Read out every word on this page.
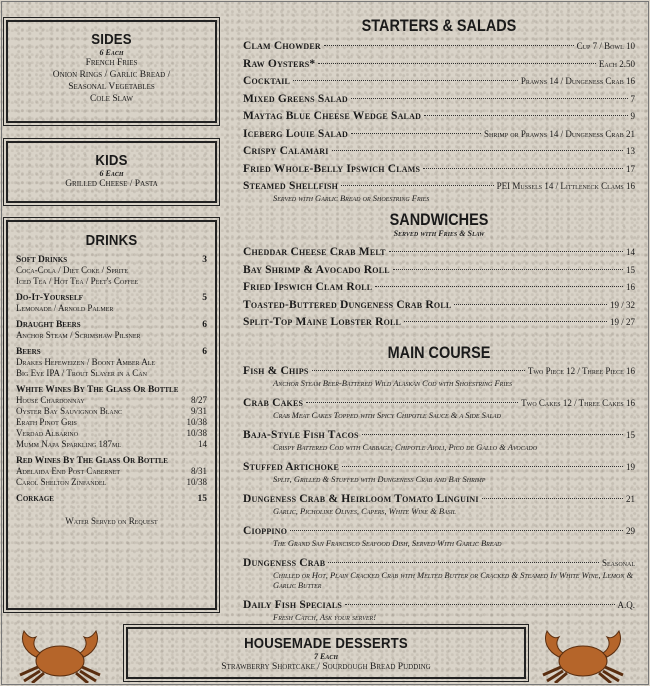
SIDES
6 Each
French Fries
Onion Rings / Garlic Bread /
Seasonal Vegetables
Cole Slaw
KIDS
6 Each
Grilled Cheese / Pasta
DRINKS
Soft Drinks	3
Coca-Cola / Diet Coke / Sprite
Iced Tea / Hot Tea / Peet's Coffee
Do-It-Yourself	5
Lemonade / Arnold Palmer
Draught Beers	6
Anchor Steam / Scrimshaw Pilsner
Beers	6
Drakes Hefeweizen / Boont Amber Ale
Big Eye IPA / Trout Slayer in a Can
White Wines By The Glass Or Bottle
House Chardonnay	8/27
Oyster Bay Sauvignon Blanc	9/31
Erath Pinot Gris	10/38
Verdad Albarino	10/38
Mumm Napa Sparkling 187ml	14
Red Wines By The Glass Or Bottle
Adelaida End Post Cabernet	8/31
Carol Shelton Zinfandel	10/38
Corkage	15
Water Served on Request
STARTERS & SALADS
Clam Chowder	Cup 7 / Bowl 10
Raw Oysters*	Each 2.50
Cocktail	Prawns 14 / Dungeness Crab 16
Mixed Greens Salad	7
Maytag Blue Cheese Wedge Salad	9
Iceberg Louie Salad	Shrimp or Prawns 14 / Dungeness Crab 21
Crispy Calamari	13
Fried Whole-Belly Ipswich Clams	17
Steamed Shellfish	PEI Mussels 14 / Littleneck Clams 16
Served with Garlic Bread or Shoestring Fries
SANDWICHES
Served with Fries & Slaw
Cheddar Cheese Crab Melt	14
Bay Shrimp & Avocado Roll	15
Fried Ipswich Clam Roll	16
Toasted-Buttered Dungeness Crab Roll	19 / 32
Split-Top Maine Lobster Roll	19 / 27
MAIN COURSE
Fish & Chips	Two Piece 12 / Three Piece 16
Anchor Steam Beer-Battered Wild Alaskan Cod with Shoestring Fries
Crab Cakes	Two Cakes 12 / Three Cakes 16
Crab Meat Cakes Topped with Spicy Chipotle Sauce & a Side Salad
Baja-Style Fish Tacos	15
Crispy Battered Cod with Cabbage, Chipotle Aioli, Pico de Gallo & Avocado
Stuffed Artichoke	19
Split, Grilled & Stuffed with Dungeness Crab and Bay Shrimp
Dungeness Crab & Heirloom Tomato Linguini	21
Garlic, Picholine Olives, Capers, White Wine & Basil
Cioppino	29
The Grand San Francisco Seafood Dish, Served With Garlic Bread
Dungeness Crab	Seasonal
Chilled or Hot, Plain Cracked Crab with Melted Butter or Cracked & Steamed In White Wine, Lemon & Garlic Butter
Daily Fish Specials	A.Q.
Fresh Catch, Ask your server!
HOUSEMADE DESSERTS
7 Each
Strawberry Shortcake / Sourdough Bread Pudding
